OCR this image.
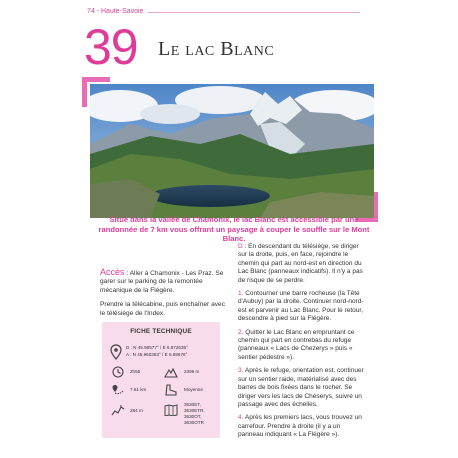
74 - Haute-Savoie
39 Le lac Blanc
Situé dans la vallée de Chamonix, le lac Blanc est accessible par une randonnée de 7 km vous offrant un paysage à couper le souffle sur le Mont Blanc.

Accès : Aller à Chamonix - Les Praz. Se garer sur le parking de la remontée mécanique de la Flégère.

Prendre la télécabine, puis enchaîner avec le télésiège de l'Index.

FICHE TECHNIQUE
D : N 45.96577° / E 6.872635°
A : N 45.960363° / E 6.88676°
2h55	2399 m
7.61 km	Moyenne
284 m
3530ET,
3530ETR,
3630OT,
3630OTR

D : En descendant du télésiège, se diriger sur la droite, puis, en face, rejoindre le chemin qui part au nord-est en direction du Lac Blanc (panneaux indicatifs). Il n'y a pas de risque de se perdre.

1. Contourner une barre rocheuse (la Tête d'Aubuy) par la droite. Continuer nord-nord-est et parvenir au Lac Blanc. Pour le retour, descendre à pied sur la Flégère.

2. Quitter le Lac Blanc en empruntant ce chemin qui part en contrebas du refuge (panneaux « Lacs de Chezerys » puis « sentier pédestre »).

3. Après le refuge, orientation est, continuer sur un sentier raide, matérialisé avec des barres de bois fixées dans le rocher. Se diriger vers les lacs de Chéserys, suivre un passage avec des échelles.

4. Après les premiers lacs, vous trouvez un carrefour. Prendre à droite (il y a un panneau indiquant « La Flégère »).
